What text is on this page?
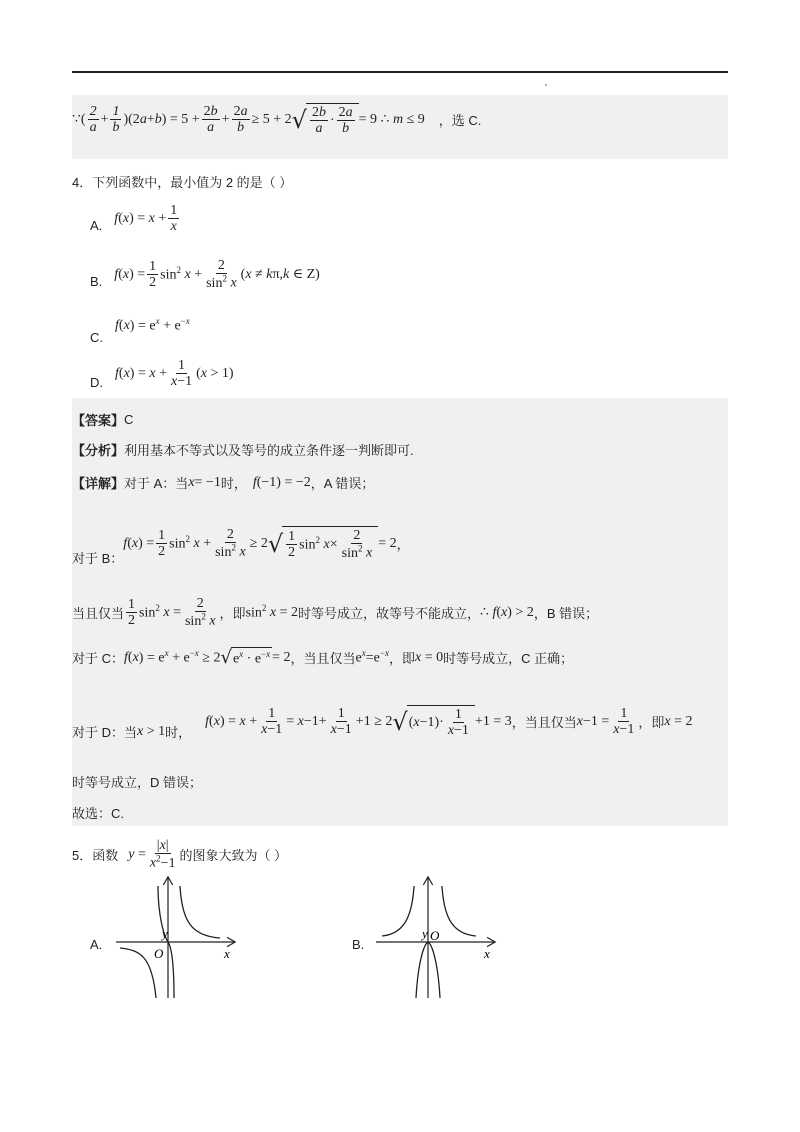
∵( $\frac{2}{a} + \frac{1}{b} )(2$ a + b ) = $5 + \frac{2b}{a} + \frac{2a}{b} \ge 5 + 2$ √ $\frac{2b}{a} \cdot \frac{2a}{b} = 9$ ∴ m ≤ 9 ，选 C.
4．下列函数中，最小值为 2 的是（ ）
A. f ( x ) = $x + \frac{1}{x}$
B. f ( x ) = $\frac{1}{2} \sin^2 x + \frac{2}{\sin^2 x}$ ( x ≠ k π, k ∈ Z)
C.
f ( x ) = $e^x + e^{-x}$
D.
f ( x ) = $x + \frac{1}{x-1}$ ( x > 1)
【答案】 C
【分析】 利用基本不等式以及等号的成立条件逐一判断即可.
【详解】 对于 A：当 x = −1 时， f (−1) = −2 ，A 错误；
对于 B：
f ( x ) = $\frac{1}{2} \sin^2 x + \frac{2}{\sin^2 x} \ge 2$ √ $\frac{1}{2} \sin^2 x \times \frac{2}{\sin^2 x} = 2$ ，
当且仅当 $\frac{1}{2} \sin^2 x = \frac{2}{\sin^2 x}$ ，即 $\sin^2 x = 2$ 时等号成立，故等号不能成立， ∴ f ( x ) > 2 ，B 错误；
对于 C： f ( x ) = $e^x + e^{-x} \ge 2$ √ $e^x \cdot e^{-x} = 2$ ，当且仅当 $e^x=e^{-x}$ ，即 x = 0 时等号成立，C 正确；
对于 D：当 x > 1 时，
f ( x ) = $x + \frac{1}{x-1} = x -1+ \frac{1}{x-1} +1 \ge 2$ √ ( $x -1)\cdot \frac{1}{x-1} +1 = 3$ ，当且仅当 $x -1 = \frac{1}{x-1}$ ，即 x = 2
时等号成立，D 错误；
故选：C.
5．函数 $y = \frac{|x|}{x^2-1}$ 的图象大致为（ ）
A.
y
O	x
B.
y O
x
